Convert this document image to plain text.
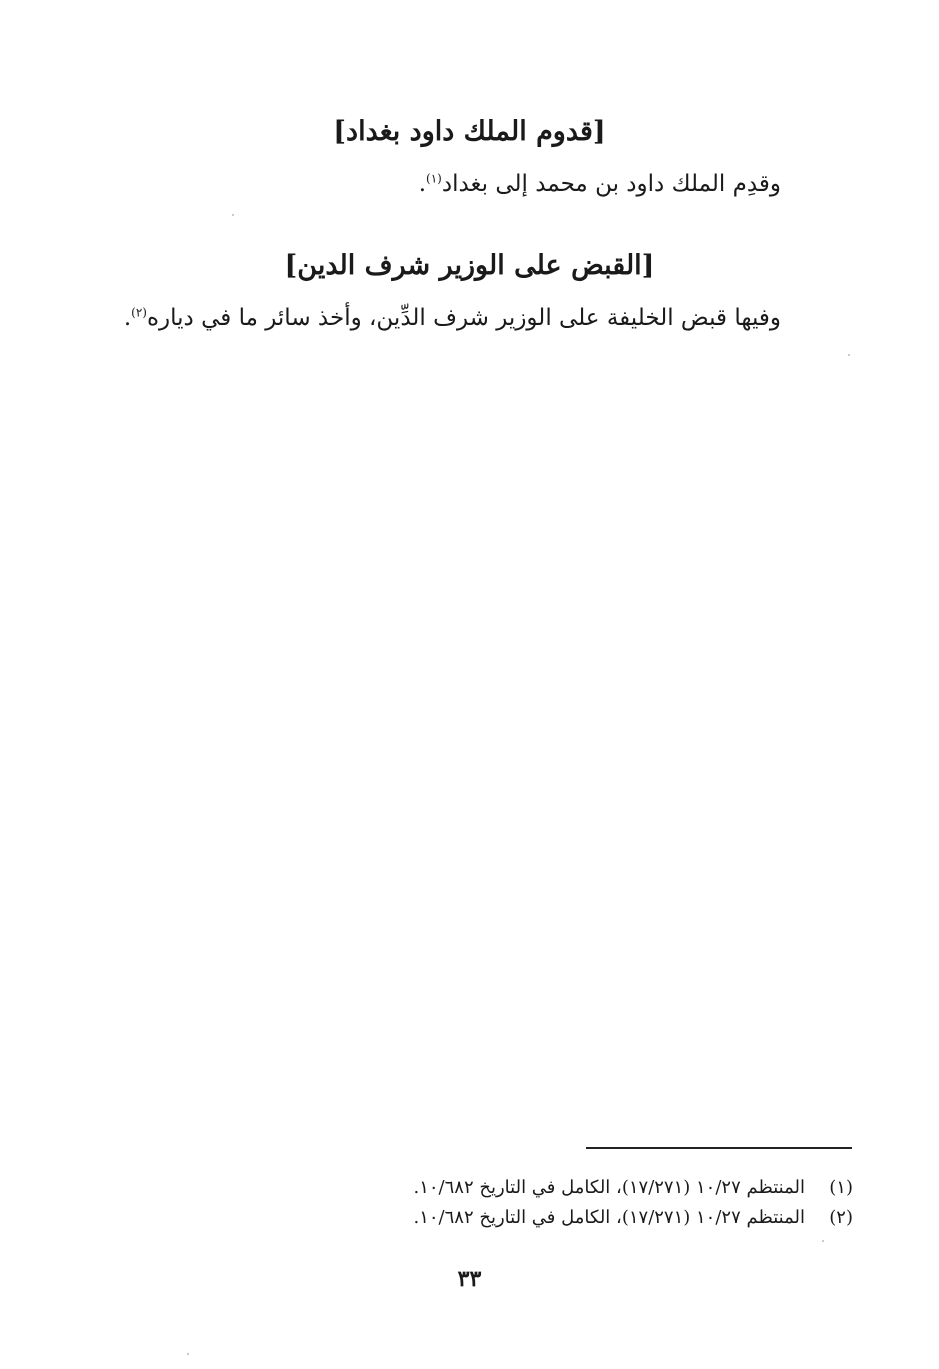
[قدوم الملك داود بغداد]
وقدِم الملك داود بن محمد إلى بغداد$^{(١)}$.
[القبض على الوزير شرف الدين]
وفيها قبض الخليفة على الوزير شرف الدِّين، وأخذ سائر ما في دياره$^{(٢)}$.
(١)
المنتظم ١٠/٢٧ (١٧/٢٧١)، الكامل في التاريخ ١٠/٦٨٢.
(٢)
المنتظم ١٠/٢٧ (١٧/٢٧١)، الكامل في التاريخ ١٠/٦٨٢.
٣٣
